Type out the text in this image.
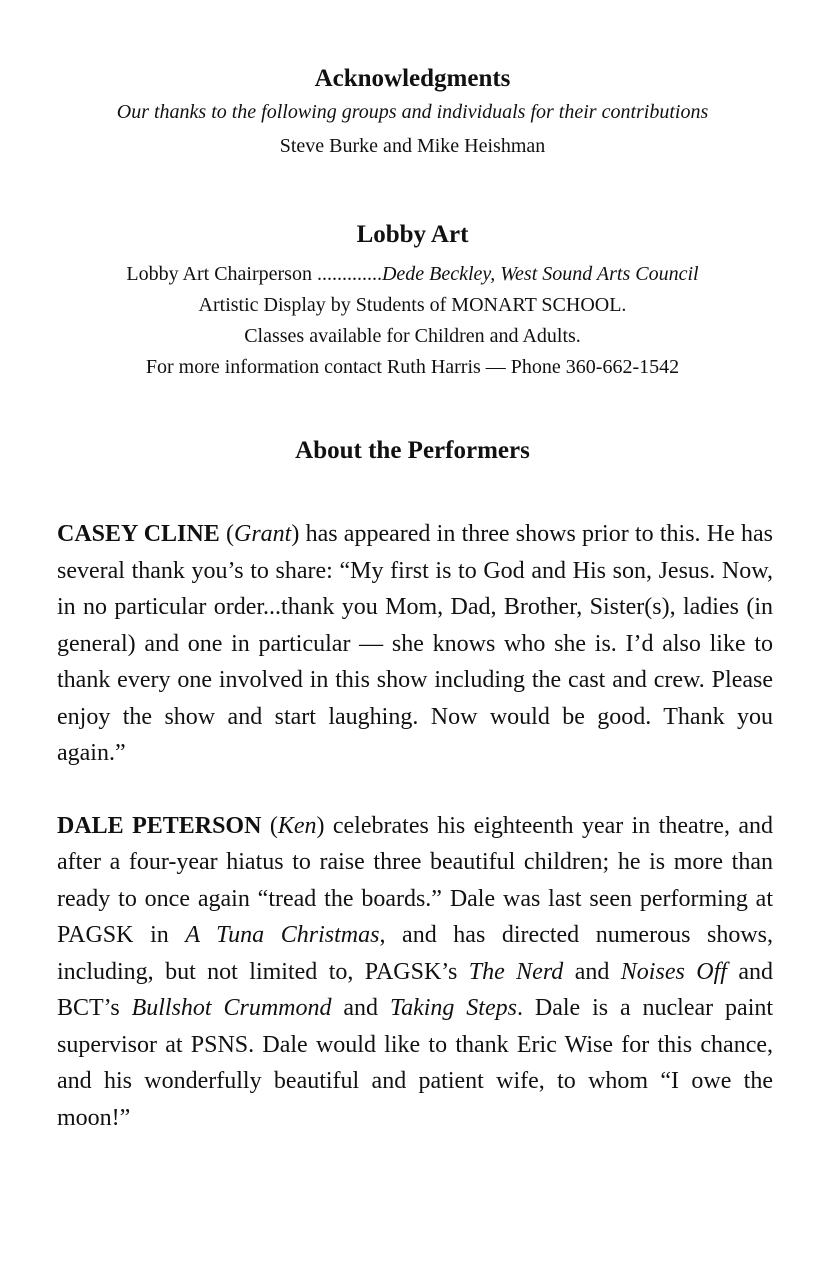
Acknowledgments
Our thanks to the following groups and individuals for their contributions
Steve Burke and Mike Heishman
Lobby Art
Lobby Art Chairperson .............Dede Beckley, West Sound Arts Council
Artistic Display by Students of MONART SCHOOL.
Classes available for Children and Adults.
For more information contact Ruth Harris — Phone 360-662-1542
About the Performers

CASEY CLINE (Grant) has appeared in three shows prior to this. He has several thank you’s to share: “My first is to God and His son, Jesus. Now, in no particular order...thank you Mom, Dad, Brother, Sister(s), ladies (in general) and one in particular — she knows who she is. I’d also like to thank every one involved in this show including the cast and crew. Please enjoy the show and start laughing. Now would be good. Thank you again.”

DALE PETERSON (Ken) celebrates his eighteenth year in theatre, and after a four-year hiatus to raise three beautiful children; he is more than ready to once again “tread the boards.” Dale was last seen performing at PAGSK in A Tuna Christmas, and has directed numerous shows, including, but not limited to, PAGSK’s The Nerd and Noises Off and BCT’s Bullshot Crummond and Taking Steps. Dale is a nuclear paint supervisor at PSNS. Dale would like to thank Eric Wise for this chance, and his wonderfully beautiful and patient wife, to whom “I owe the moon!”
